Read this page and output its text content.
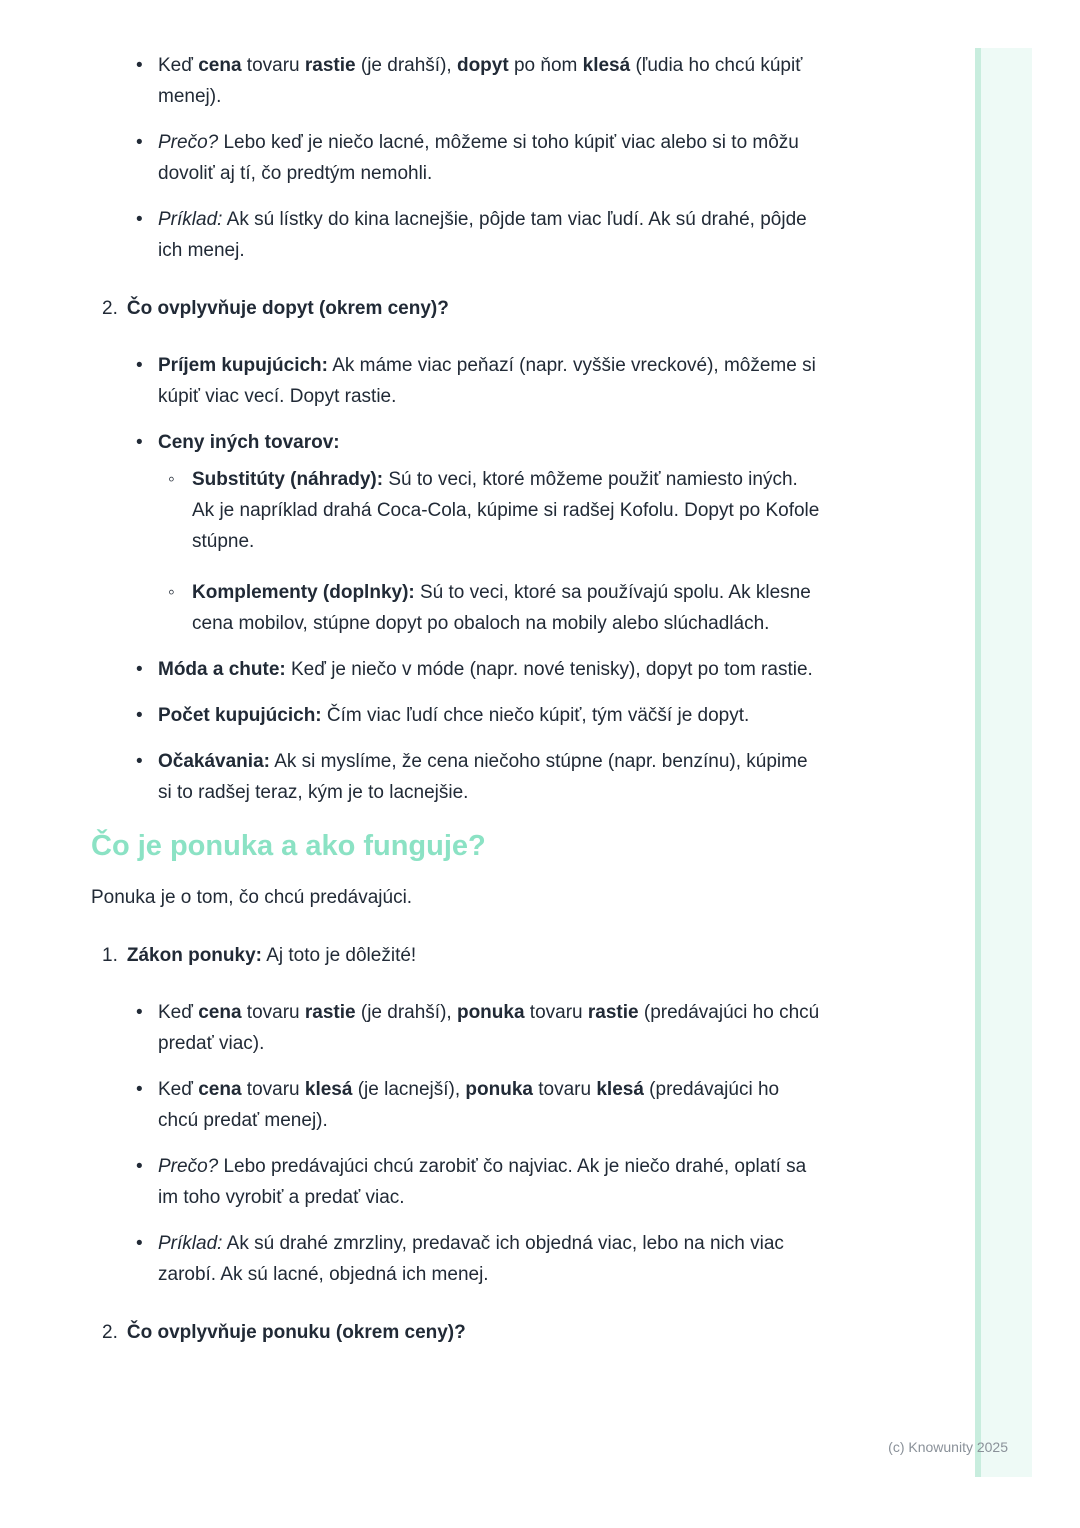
• Keď cena tovaru rastie (je drahší), dopyt po ňom klesá (ľudia ho chcú kúpiť menej).
• Prečo? Lebo keď je niečo lacné, môžeme si toho kúpiť viac alebo si to môžu dovoliť aj tí, čo predtým nemohli.
• Príklad: Ak sú lístky do kina lacnejšie, pôjde tam viac ľudí. Ak sú drahé, pôjde ich menej.
2. Čo ovplyvňuje dopyt (okrem ceny)?
• Príjem kupujúcich: Ak máme viac peňazí (napr. vyššie vreckové), môžeme si kúpiť viac vecí. Dopyt rastie.
• Ceny iných tovarov:
◦ Substitúty (náhrady): Sú to veci, ktoré môžeme použiť namiesto iných. Ak je napríklad drahá Coca-Cola, kúpime si radšej Kofolu. Dopyt po Kofole stúpne.
◦ Komplementy (doplnky): Sú to veci, ktoré sa používajú spolu. Ak klesne cena mobilov, stúpne dopyt po obaloch na mobily alebo slúchadlách.
• Móda a chute: Keď je niečo v móde (napr. nové tenisky), dopyt po tom rastie.
• Počet kupujúcich: Čím viac ľudí chce niečo kúpiť, tým väčší je dopyt.
• Očakávania: Ak si myslíme, že cena niečoho stúpne (napr. benzínu), kúpime si to radšej teraz, kým je to lacnejšie.
Čo je ponuka a ako funguje?

Ponuka je o tom, čo chcú predávajúci.

1. Zákon ponuky: Aj toto je dôležité!
• Keď cena tovaru rastie (je drahší), ponuka tovaru rastie (predávajúci ho chcú predať viac).
• Keď cena tovaru klesá (je lacnejší), ponuka tovaru klesá (predávajúci ho chcú predať menej).
• Prečo? Lebo predávajúci chcú zarobiť čo najviac. Ak je niečo drahé, oplatí sa im toho vyrobiť a predať viac.
• Príklad: Ak sú drahé zmrzliny, predavač ich objedná viac, lebo na nich viac zarobí. Ak sú lacné, objedná ich menej.
2. Čo ovplyvňuje ponuku (okrem ceny)?
(c) Knowunity 2025
